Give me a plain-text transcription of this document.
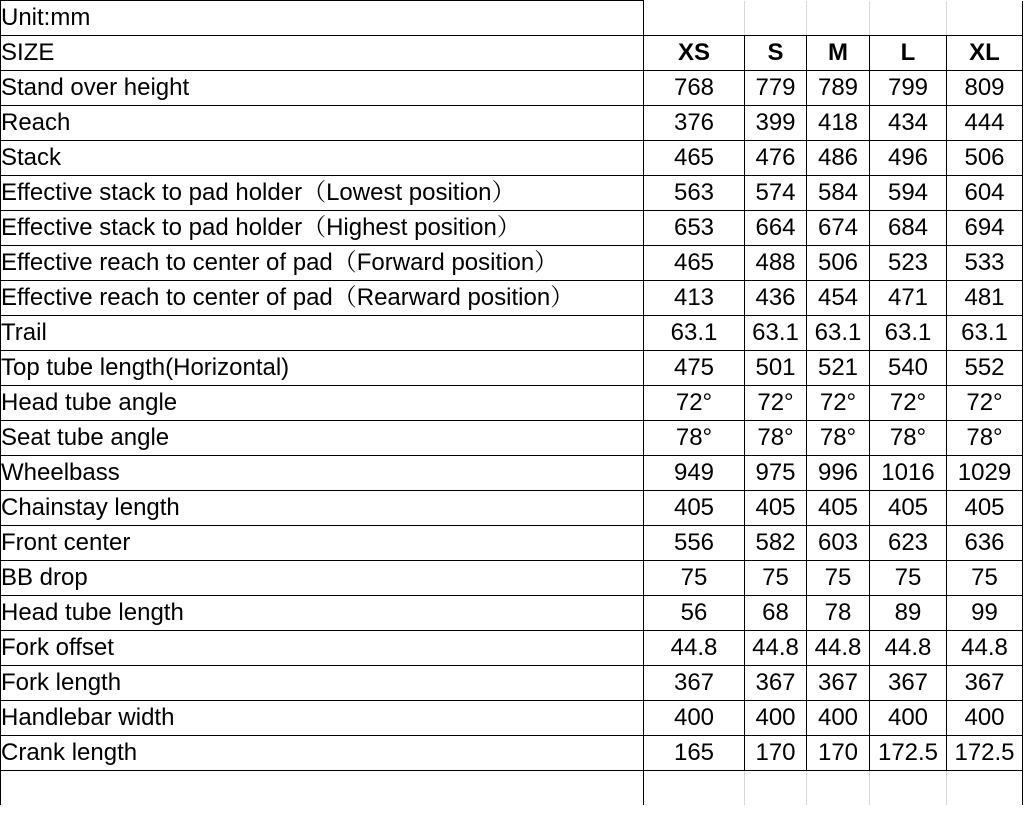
Unit:mm					
SIZE	XS	S	M	L	XL
Stand over height	768	779	789	799	809
Reach	376	399	418	434	444
Stack	465	476	486	496	506
Effective stack to pad holder（Lowest position）	563	574	584	594	604
Effective stack to pad holder（Highest position）	653	664	674	684	694
Effective reach to center of pad（Forward position）	465	488	506	523	533
Effective reach to center of pad（Rearward position）	413	436	454	471	481
Trail	63.1	63.1	63.1	63.1	63.1
Top tube length(Horizontal)	475	501	521	540	552
Head tube angle	72°	72°	72°	72°	72°
Seat tube angle	78°	78°	78°	78°	78°
Wheelbass	949	975	996	1016	1029
Chainstay length	405	405	405	405	405
Front center	556	582	603	623	636
BB drop	75	75	75	75	75
Head tube length	56	68	78	89	99
Fork offset	44.8	44.8	44.8	44.8	44.8
Fork length	367	367	367	367	367
Handlebar width	400	400	400	400	400
Crank length	165	170	170	172.5	172.5
